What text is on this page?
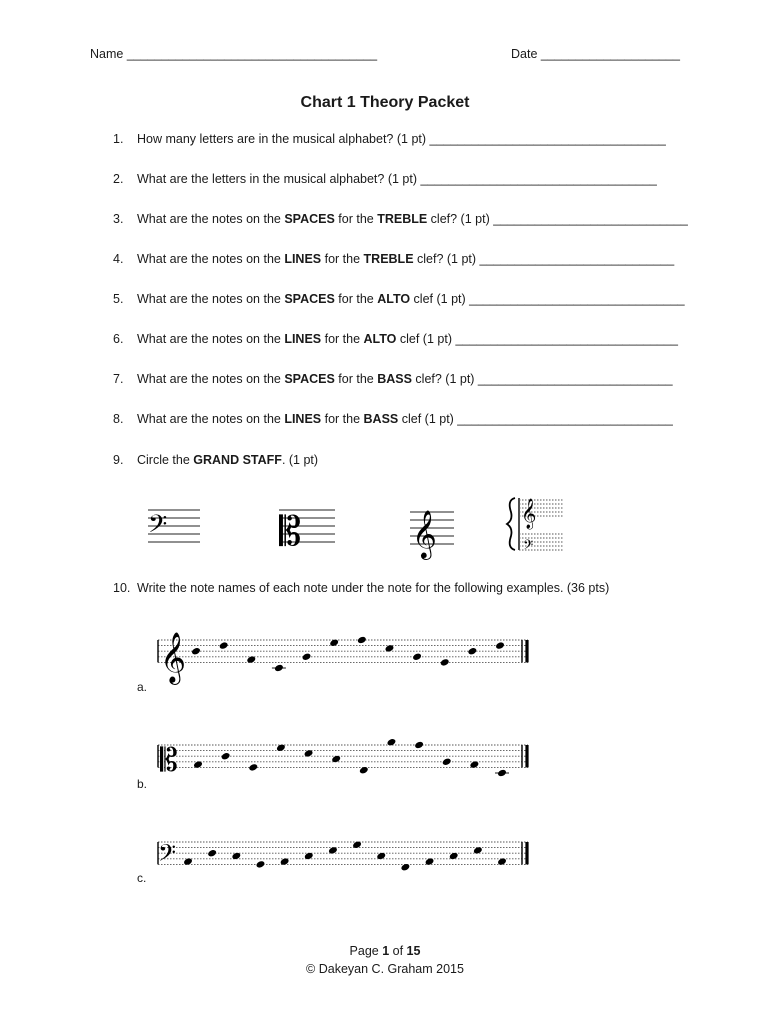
Name ____________________________________	Date ____________________
Chart 1 Theory Packet
1. How many letters are in the musical alphabet? (1 pt) __________________________________
2. What are the letters in the musical alphabet? (1 pt) __________________________________
3. What are the notes on the SPACES for the TREBLE clef? (1 pt) ____________________________
4. What are the notes on the LINES for the TREBLE clef? (1 pt) ____________________________
5. What are the notes on the SPACES for the ALTO clef (1 pt) _______________________________
6. What are the notes on the LINES for the ALTO clef (1 pt) ________________________________
7. What are the notes on the SPACES for the BASS clef? (1 pt) ____________________________
8. What are the notes on the LINES for the BASS clef (1 pt) _______________________________
9. Circle the GRAND STAFF. (1 pt)
10. Write the note names of each note under the note for the following examples. (36 pts)
𝄢	𝄡	𝄞	𝄞
𝄢
𝄞
a.
𝄡
b.
𝄢
c.
Page 1 of 15
© Dakeyan C. Graham 2015
